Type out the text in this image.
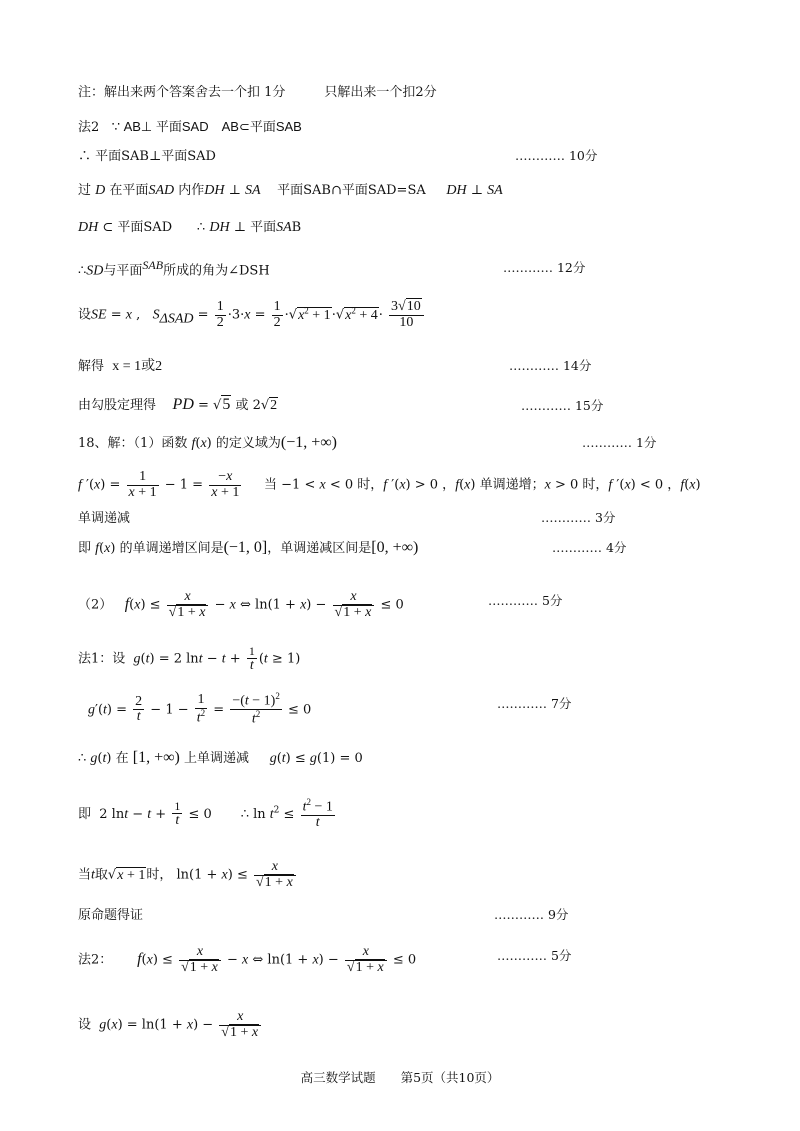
注：解出来两个答案舍去一个扣 1分　　　只解出来一个扣2分
法2 ∵ AB⊥ 平面SAD　AB⊂平面SAB
∴ 平面SAB⊥平面SAD	………… 10分
过 D 在平面SAD 内作DH ⊥ SA 平面SAB∩平面SAD=SA DH ⊥ SA
DH ⊂ 平面SAD ∴ DH ⊥ 平面SAB
∴SD与平面$^{SAB}$所成的角为∠DSH	………… 12分
设SE = x ,   $S_{\Delta SAD} = \frac{1}{2} \cdot 3\cdot x = \frac{1}{2} \cdot√x^2 + 1\cdot√x^2 + 4\cdot \frac{3√10}{10}$
解得 x = 1或2	………… 14分
由勾股定理得 PD = √5 或 2√2	………… 15分
18、解：（1）函数 f(x) 的定义域为(−1, +∞)	………… 1分
f $'(x) = \frac{1}{x + 1} - 1 = \frac{-x}{x + 1}$ 当 −1 < x < 0 时，f ′(x) > 0 ，f(x) 单调递增；x > 0 时，f ′(x) < 0 ，f(x)
单调递减	………… 3分
即 f(x) 的单调递增区间是(−1, 0]，单调递减区间是[0, +∞)	………… 4分
（2） $f(x) \le \frac{x}{√1 + x} - x$ ⇔ $\ln(1 + x) - \frac{x}{√1 + x} \le 0$	………… 5分
法1：设 g(t) = 2 $\ln t - t + \frac{1}{t} (t \ge 1)$
$g'(t) = \frac{2}{t} - 1 - \frac{1}{t^2} = \frac{-(t - 1)^2}{t^2} \le 0$	………… 7分
∴ g(t) 在 [1, +∞) 上单调递减 g(t) ≤ g(1) = 0
即  2 $\ln t - t + \frac{1}{t} \le 0$       ∴ $\ln t^2 \le \frac{t^2 - 1}{t}$
当t取√x + 1时， $\ln(1 + x) \le \frac{x}{√1 + x}$
原命题得证	………… 9分
法2： $f(x) \le \frac{x}{√1 + x} - x$ ⇔ $\ln(1 + x) - \frac{x}{√1 + x} \le 0$	………… 5分
设 $g(x) = \ln(1 + x) - \frac{x}{√1 + x}$
高三数学试题　　第5页（共10页）
